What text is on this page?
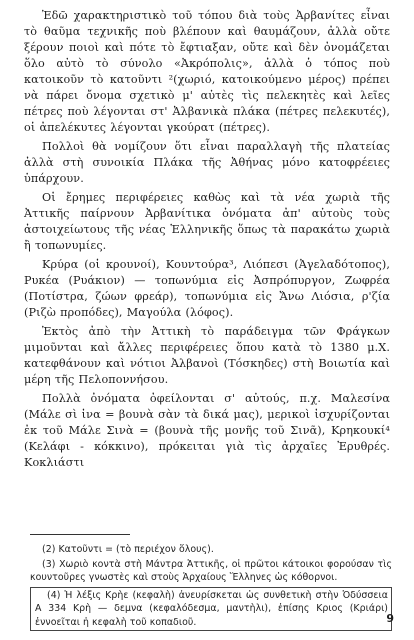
Ἐδῶ χαρακτηριστικὸ τοῦ τόπου διὰ τοὺς Ἀρβανίτες εἶναι τὸ θαῦμα τεχνικῆς ποὺ βλέπουν καὶ θαυμάζουν, ἀλλὰ οὔτε ξέρουν ποιοὶ καὶ πότε τὸ ἔφτιαξαν, οὔτε καὶ δὲν ὀνομάζεται ὅλο αὐτὸ τὸ σύνολο «Ἀκρόπολις», ἀλλὰ ὁ τόπος ποὺ κατοικοῦν τὸ κατοῦντι ²(χωριό, κατοικούμενο μέρος) πρέπει νὰ πάρει ὄνομα σχετικὸ μ' αὐτὲς τὶς πελεκητὲς καὶ λεῖες πέτρες ποὺ λέγονται στ' Ἀλβανικὰ πλάκα (πέτρες πελεκυτές), οἱ ἀπελέκυτες λέγονται γκούρατ (πέτρες).

Πολλοὶ θὰ νομίζουν ὅτι εἶναι παραλλαγὴ τῆς πλατείας ἀλλὰ στὴ συνοικία Πλάκα τῆς Ἀθήνας μόνο κατοφρέειες ὑπάρχουν.

Οἱ ἔρημες περιφέρειες καθὼς καὶ τὰ νέα χωριὰ τῆς Ἀττικῆς παίρνουν Ἀρβανίτικα ὀνόματα ἀπ' αὐτοὺς τοὺς ἀστοιχείωτους τῆς νέας Ἑλληνικῆς ὅπως τὰ παρακάτω χωριὰ ἢ τοπωνυμίες.

Κρύρα (οἱ κρουνοί), Κουντούρα³, Λιόπεσι (Ἀγελαδότοπος), Ρυκέα (Ρυάκιον) — τοπωνύμια εἰς Ἀσπρόπυργον, Ζωφρέα (Ποτίστρα, ζώων φρεάρ), τοπωνύμια εἰς Ἄνω Λιόσια, ρ'ζία (Ριζὼ προπόδες), Μαγούλα (λόφος).

Ἐκτὸς ἀπὸ τὴν Ἀττικὴ τὸ παράδειγμα τῶν Φράγκων μιμοῦνται καὶ ἄλλες περιφέρειες ὅπου κατὰ τὸ 1380 μ.Χ. κατεφθάνουν καὶ νότιοι Ἀλβανοὶ (Τόσκηδες) στὴ Βοιωτία καὶ μέρη τῆς Πελοποννήσου.

Πολλὰ ὀνόματα ὀφείλονται σ' αὐτούς, π.χ. Μαλεσίνα (Μάλε σὶ ἰνα = βουνὰ σὰν τὰ δικά μας), μερικοὶ ἰσχυρίζονται ἐκ τοῦ Μάλε Σινὰ = (βουνὰ τῆς μονῆς τοῦ Σινᾶ), Κρηκουκί⁴ (Κελάφι - κόκκινο), πρόκειται γιὰ τὶς ἀρχαῖες Ἐρυθρές. Κοκλιάστι

(2) Κατοῦντι = (τὸ περιέχον ὅλους).

(3) Χωριὸ κοντὰ στὴ Μάντρα Ἀττικῆς, οἱ πρῶτοι κάτοικοι φορούσαν τὶς κουντοῦρες γνωστὲς καὶ στοὺς Ἀρχαίους Ἕλληνες ὡς κόθορνοι.

(4) Ἡ λέξις Κρὴε (κεφαλὴ) ἀνευρίσκεται ὡς συνθετικὴ στὴν Ὀδύσσεια Α 334 Κρὴ — δεμνα (κεφαλόδεσμα, μαντὴλι), ἐπίσης Κριος (Κριάρι) ἐννοεῖται ἡ κεφαλὴ τοῦ κοπαδιοῦ.	9
